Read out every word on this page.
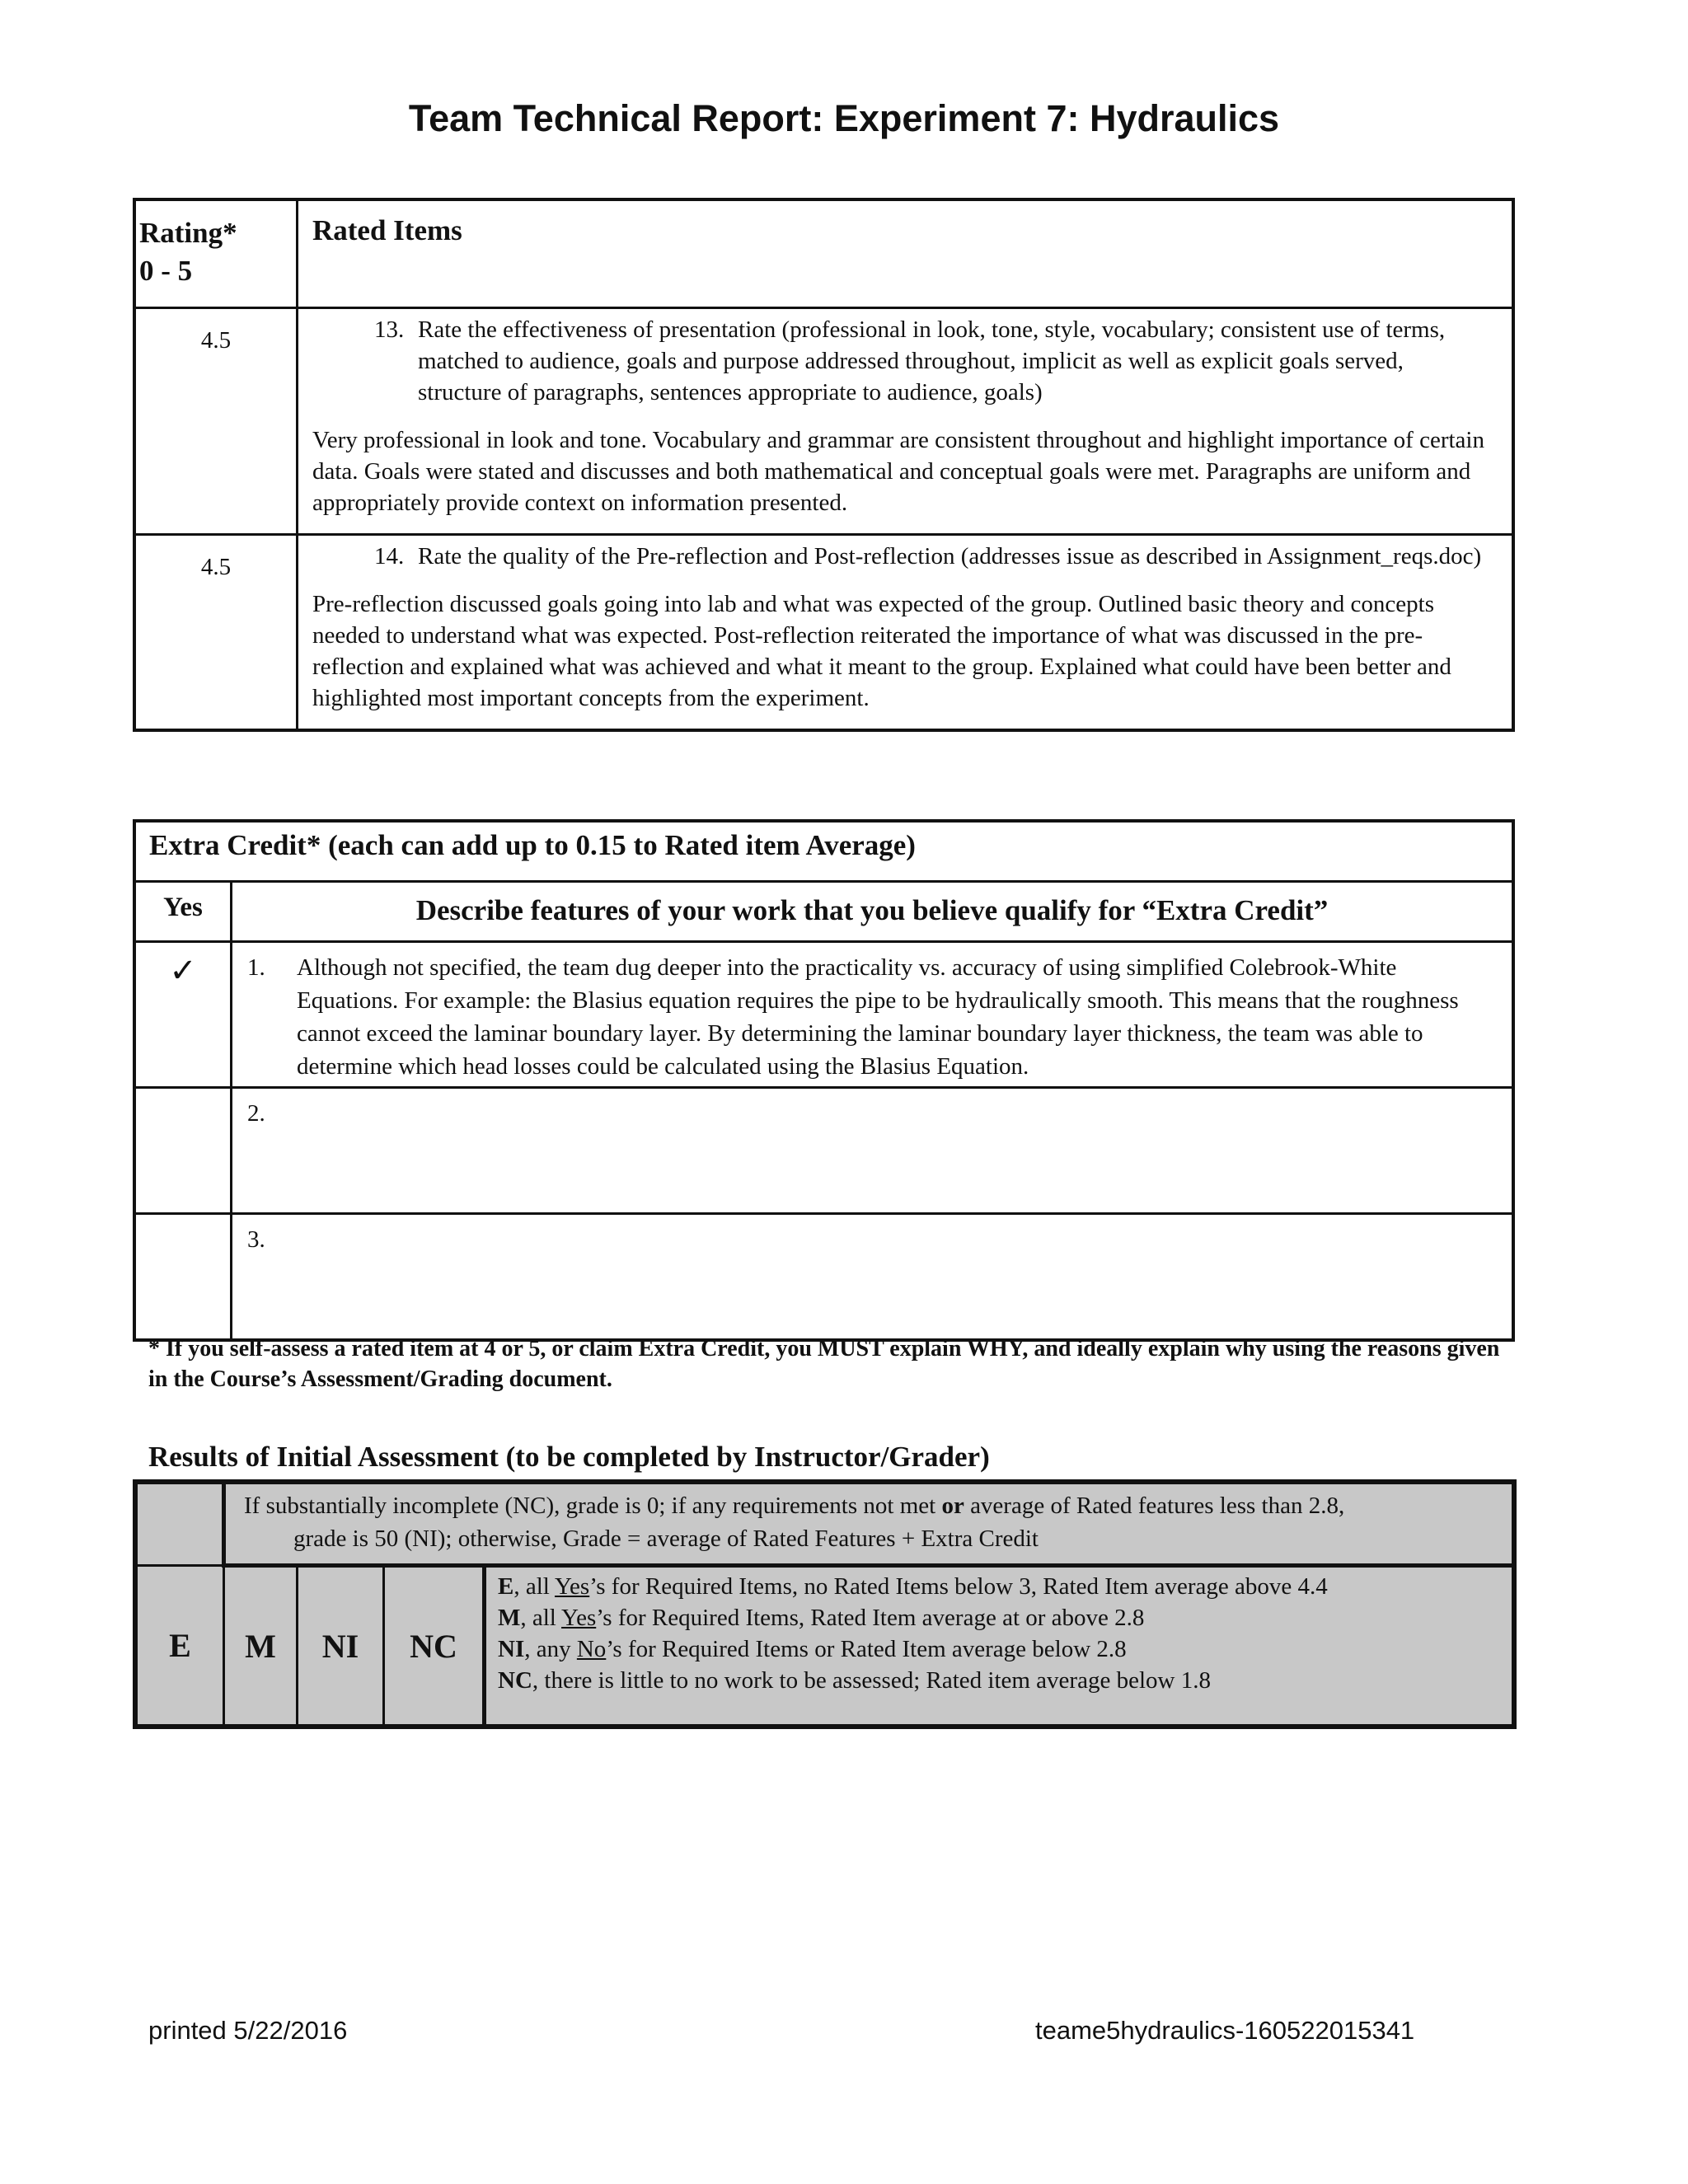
Team Technical Report: Experiment 7: Hydraulics
Rating*
0 - 5	Rated Items
4.5	13. Rate the effectiveness of presentation (professional in look, tone, style, vocabulary; consistent use of terms, matched to audience, goals and purpose addressed throughout, implicit as well as explicit goals served, structure of paragraphs, sentences appropriate to audience, goals)
Very professional in look and tone. Vocabulary and grammar are consistent throughout and highlight importance of certain data. Goals were stated and discusses and both mathematical and conceptual goals were met. Paragraphs are uniform and appropriately provide context on information presented.

4.5	14. Rate the quality of the Pre-reflection and Post-reflection (addresses issue as described in Assignment_reqs.doc)
Pre-reflection discussed goals going into lab and what was expected of the group. Outlined basic theory and concepts needed to understand what was expected. Post-reflection reiterated the importance of what was discussed in the pre-reflection and explained what was achieved and what it meant to the group. Explained what could have been better and highlighted most important concepts from the experiment.
Extra Credit* (each can add up to 0.15 to Rated item Average)	
Yes	Describe features of your work that you believe qualify for “Extra Credit”
✓	1. Although not specified, the team dug deeper into the practicality vs. accuracy of using simplified Colebrook-White Equations. For example: the Blasius equation requires the pipe to be hydraulically smooth. This means that the roughness cannot exceed the laminar boundary layer. By determining the laminar boundary layer thickness, the team was able to determine which head losses could be calculated using the Blasius Equation.

	2.

	3.
* If you self-assess a rated item at 4 or 5, or claim Extra Credit, you MUST explain WHY, and ideally explain why using the reasons given in the Course’s Assessment/Grading document.
Results of Initial Assessment (to be completed by Instructor/Grader)

	If substantially incomplete (NC), grade is 0; if any requirements not met or average of Rated features less than 2.8,
grade is 50 (NI); otherwise, Grade = average of Rated Features + Extra Credit			

E	M	NI	NC	E, all Yes’s for Required Items, no Rated Items below 3, Rated Item average above 4.4
M, all Yes’s for Required Items, Rated Item average at or above 2.8
NI, any No’s for Required Items or Rated Item average below 2.8
NC, there is little to no work to be assessed; Rated item average below 1.8
printed 5/22/2016	teame5hydraulics-160522015341
